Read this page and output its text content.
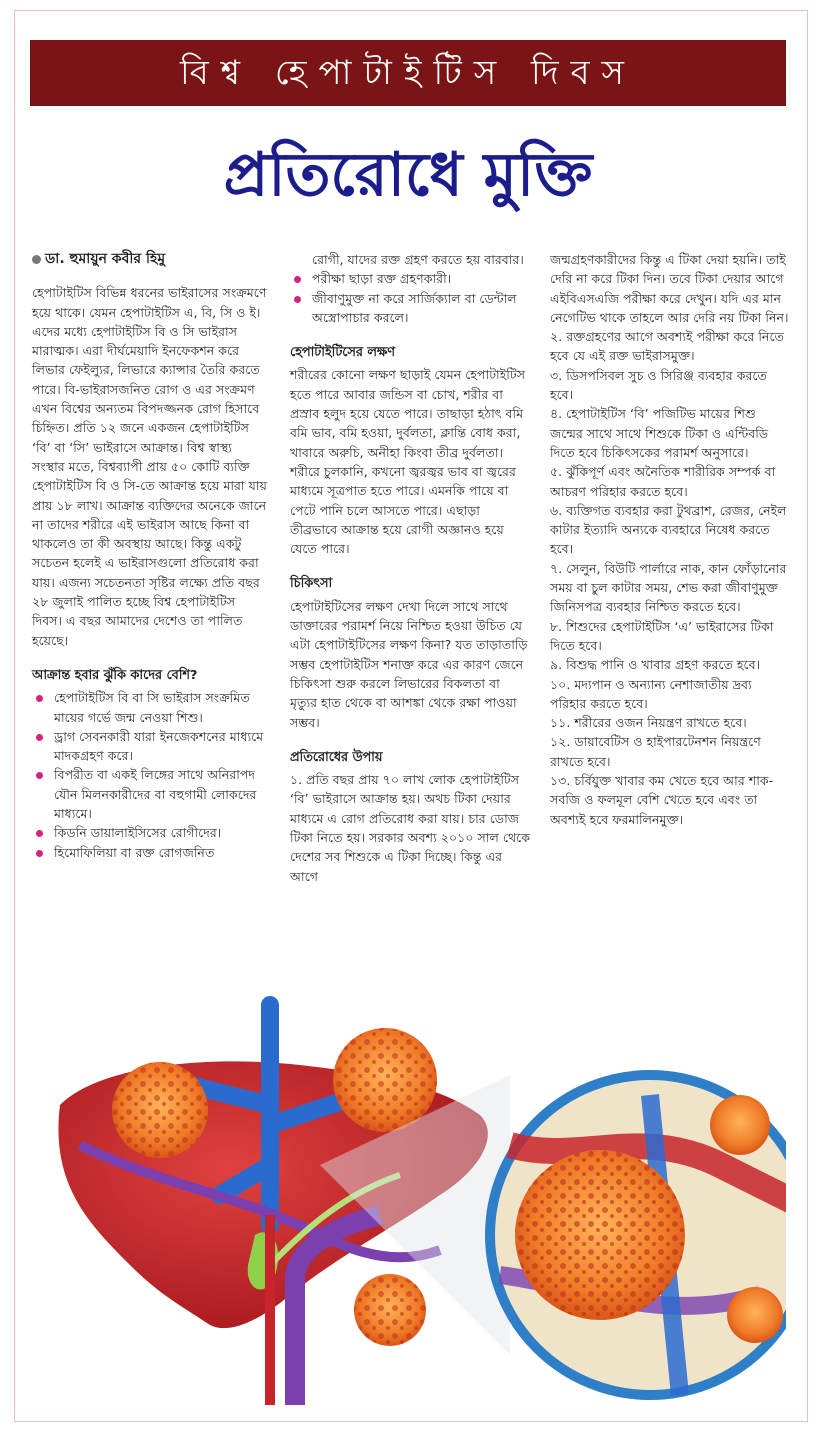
বিশ্ব হেপাটাইটিস দিবস
প্রতিরোধে মুক্তি
ডা. হুমায়ুন কবীর হিমু

হেপাটাইটিস বিভিন্ন ধরনের ভাইরাসের সংক্রমণে হয়ে থাকে। যেমন হেপাটাইটিস এ, বি, সি ও ই। এদের মধ্যে হেপাটাইটিস বি ও সি ভাইরাস মারাত্মক। এরা দীর্ঘমেয়াদি ইনফেকশন করে লিভার ফেইল্যুর, লিভারে ক্যান্সার তৈরি করতে পারে। বি-ভাইরাসজনিত রোগ ও এর সংক্রমণ এখন বিশ্বের অন্যতম বিপদজ্জনক রোগ হিসাবে চিহ্নিত। প্রতি ১২ জনে একজন হেপাটাইটিস ‘বি’ বা ‘সি’ ভাইরাসে আক্রান্ত। বিশ্ব স্বাস্থ্য সংস্থার মতে, বিশ্বব্যাপী প্রায় ৫০ কোটি ব্যক্তি হেপাটাইটিস বি ও সি-তে আক্রান্ত হয়ে মারা যায় প্রায় ১৮ লাখ। আক্রান্ত ব্যক্তিদের অনেকে জানে না তাদের শরীরে এই ভাইরাস আছে কিনা বা থাকলেও তা কী অবস্থায় আছে। কিন্তু একটু সচেতন হলেই এ ভাইরাসগুলো প্রতিরোধ করা যায়। এজন্য সচেতনতা সৃষ্টির লক্ষ্যে প্রতি বছর ২৮ জুলাই পালিত হচ্ছে বিশ্ব হেপাটাইটিস দিবস। এ বছর আমাদের দেশেও তা পালিত হয়েছে।

আক্রান্ত হবার ঝুঁকি কাদের বেশি?
হেপাটাইটিস বি বা সি ভাইরাস সংক্রমিত মায়ের গর্ভে জন্ম নেওয়া শিশু।
ড্রাগ সেবনকারী যারা ইনজেকশনের মাধ্যমে মাদকগ্রহণ করে।
বিপরীত বা একই লিঙ্গের সাথে অনিরাপদ যৌন মিলনকারীদের বা বহুগামী লোকদের মাধ্যমে।
কিডনি ডায়ালাইসিসের রোগীদের।
হিমোফিলিয়া বা রক্ত রোগজনিত

রোগী, যাদের রক্ত গ্রহণ করতে হয় বারবার।

পরীক্ষা ছাড়া রক্ত গ্রহণকারী।
জীবাণুমুক্ত না করে সার্জিক্যাল বা ডেন্টাল অস্ত্রোপাচার করলে।
হেপাটাইটিসের লক্ষণ

শরীরের কোনো লক্ষণ ছাড়াই যেমন হেপাটাইটিস হতে পারে আবার জন্ডিস বা চোখ, শরীর বা প্রস্রাব হলুদ হয়ে যেতে পারে। তাছাড়া হঠাৎ বমি বমি ভাব, বমি হওয়া, দুর্বলতা, ক্লান্তি বোধ করা, খাবারে অরুচি, অনীহা কিংবা তীব্র দুর্বলতা। শরীরে চুলকানি, কখনো জ্বরজ্বর ভাব বা জ্বরের মাধ্যমে সূত্রপাত হতে পারে। এমনকি পায়ে বা পেটে পানি চলে আসতে পারে। এছাড়া তীব্রভাবে আক্রান্ত হয়ে রোগী অজ্ঞানও হয়ে যেতে পারে।

চিকিৎসা

হেপাটাইটিসের লক্ষণ দেখা দিলে সাথে সাথে ডাক্তারের পরামর্শ নিয়ে নিশ্চিত হওয়া উচিত যে এটা হেপাটাইটিসের লক্ষণ কিনা? যত তাড়াতাড়ি সম্ভব হেপাটাইটিস শনাক্ত করে এর কারণ জেনে চিকিৎসা শুরু করলে লিভারের বিকলতা বা মৃত্যুর হাত থেকে বা আশঙ্কা থেকে রক্ষা পাওয়া সম্ভব।

প্রতিরোধের উপায়

১. প্রতি বছর প্রায় ৭০ লাখ লোক হেপাটাইটিস ‘বি’ ভাইরাসে আক্রান্ত হয়। অথচ টিকা দেয়ার মাধ্যমে এ রোগ প্রতিরোধ করা যায়। চার ডোজ টিকা নিতে হয়। সরকার অবশ্য ২০১০ সাল থেকে দেশের সব শিশুকে এ টিকা দিচ্ছে। কিন্তু এর আগে

জন্মগ্রহণকারীদের কিন্তু এ টিকা দেয়া হয়নি। তাই দেরি না করে টিকা দিন। তবে টিকা দেয়ার আগে এইবিএসএজি পরীক্ষা করে দেখুন। যদি এর মান নেগেটিভ থাকে তাহলে আর দেরি নয় টিকা নিন।

২. রক্তগ্রহণের আগে অবশ্যই পরীক্ষা করে নিতে হবে যে এই রক্ত ভাইরাসমুক্ত।

৩. ডিসপসিবল সুচ ও সিরিঞ্জ ব্যবহার করতে হবে।

৪. হেপাটাইটিস ‘বি’ পজিটিভ মায়ের শিশু জন্মের সাথে সাথে শিশুকে টিকা ও এন্টিবডি দিতে হবে চিকিৎসকের পরামর্শ অনুসারে।

৫. ঝুঁকিপূর্ণ এবং অনৈতিক শারীরিক সম্পর্ক বা আচরণ পরিহার করতে হবে।

৬. ব্যক্তিগত ব্যবহার করা টুথব্রাশ, রেজর, নেইল কাটার ইত্যাদি অন্যকে ব্যবহারে নিষেধ করতে হবে।

৭. সেলুন, বিউটি পার্লারে নাক, কান ফোঁড়ানোর সময় বা চুল কাটার সময়, শেভ করা জীবাণুমুক্ত জিনিসপত্র ব্যবহার নিশ্চিত করতে হবে।

৮. শিশুদের হেপাটাইটিস ‘এ’ ভাইরাসের টিকা দিতে হবে।

৯. বিশুদ্ধ পানি ও খাবার গ্রহণ করতে হবে।

১০. মদ্যপান ও অন্যান্য নেশাজাতীয় দ্রব্য পরিহার করতে হবে।

১১. শরীরের ওজন নিয়ন্ত্রণ রাখতে হবে।

১২. ডায়াবেটিস ও হাইপারটেনশন নিয়ন্ত্রণে রাখতে হবে।

১৩. চর্বিযুক্ত খাবার কম খেতে হবে আর শাক-সবজি ও ফলমূল বেশি খেতে হবে এবং তা অবশ্যই হবে ফরমালিনমুক্ত।
